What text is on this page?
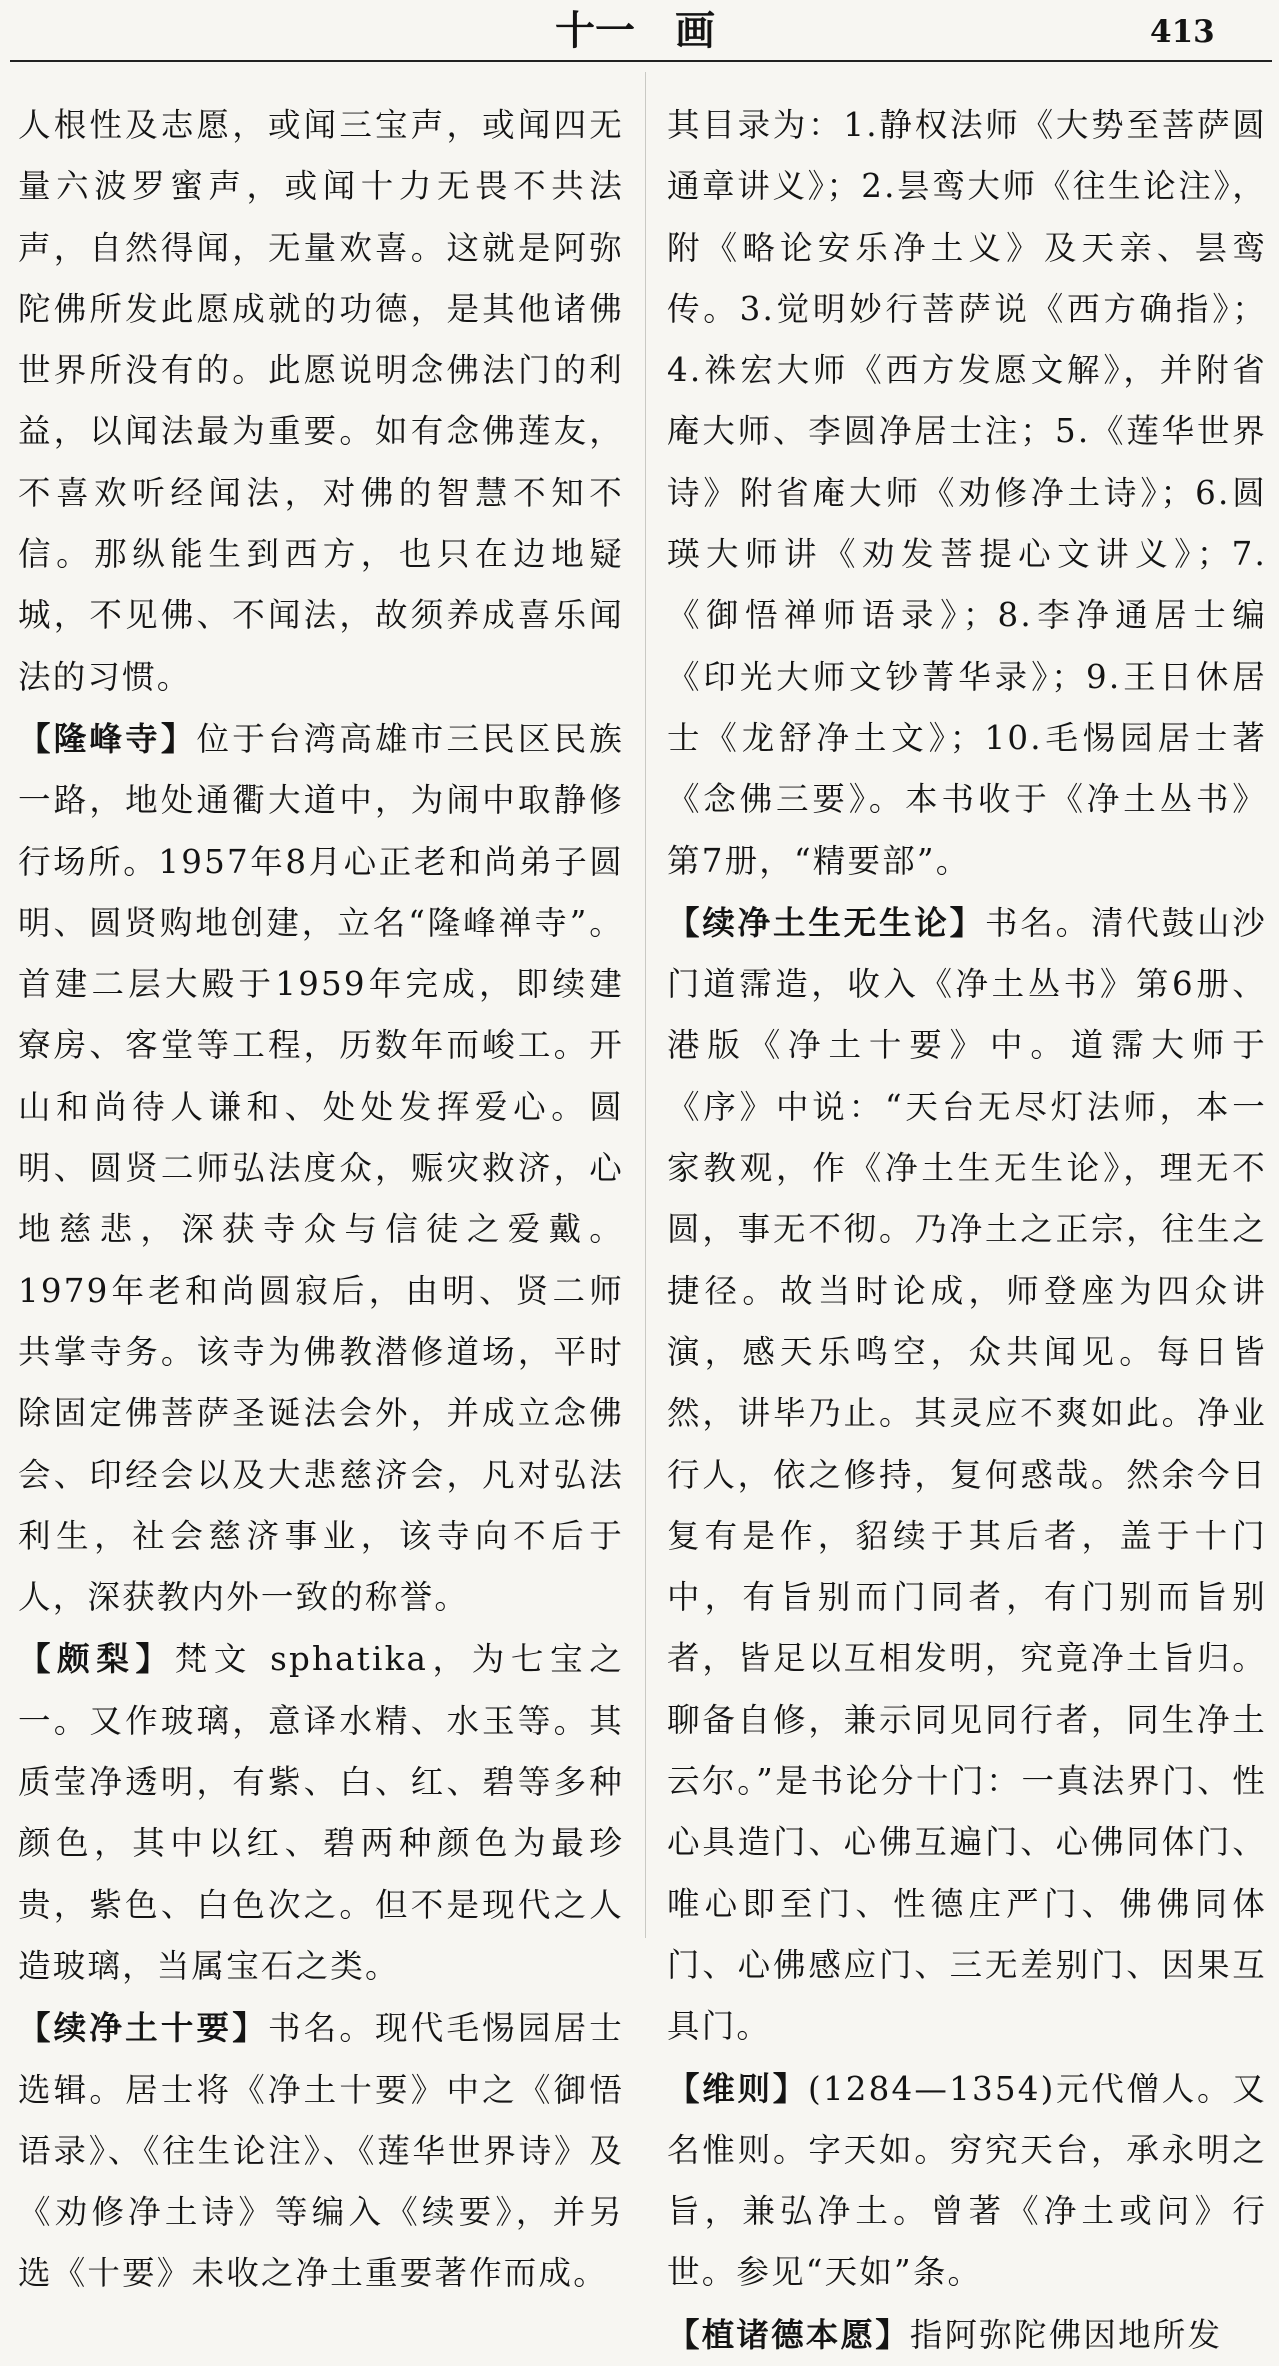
十一　画	413

人根性及志愿，或闻三宝声，或闻四无量六波罗蜜声，或闻十力无畏不共法声，自然得闻，无量欢喜。这就是阿弥陀佛所发此愿成就的功德，是其他诸佛世界所没有的。此愿说明念佛法门的利益，以闻法最为重要。如有念佛莲友，不喜欢听经闻法，对佛的智慧不知不信。那纵能生到西方，也只在边地疑城，不见佛、不闻法，故须养成喜乐闻法的习惯。

【隆峰寺】位于台湾高雄市三民区民族一路，地处通衢大道中，为闹中取静修行场所。1957年8月心正老和尚弟子圆明、圆贤购地创建，立名“隆峰禅寺”。首建二层大殿于1959年完成，即续建寮房、客堂等工程，历数年而峻工。开山和尚待人谦和、处处发挥爱心。圆明、圆贤二师弘法度众，赈灾救济，心地慈悲，深获寺众与信徒之爱戴。1979年老和尚圆寂后，由明、贤二师共掌寺务。该寺为佛教潜修道场，平时除固定佛菩萨圣诞法会外，并成立念佛会、印经会以及大悲慈济会，凡对弘法利生，社会慈济事业，该寺向不后于人，深获教内外一致的称誉。

【颇梨】梵文 sphatika，为七宝之一。又作玻璃，意译水精、水玉等。其质莹净透明，有紫、白、红、碧等多种颜色，其中以红、碧两种颜色为最珍贵，紫色、白色次之。但不是现代之人造玻璃，当属宝石之类。

【续净土十要】书名。现代毛惕园居士选辑。居士将《净土十要》中之《御悟语录》、《往生论注》、《莲华世界诗》及《劝修净土诗》等编入《续要》，并另选《十要》未收之净土重要著作而成。

其目录为：1.静权法师《大势至菩萨圆通章讲义》；2.昙鸾大师《往生论注》，附《略论安乐净土义》及天亲、昙鸾传。3.觉明妙行菩萨说《西方确指》；4.袾宏大师《西方发愿文解》，并附省庵大师、李圆净居士注；5.《莲华世界诗》附省庵大师《劝修净土诗》；6.圆瑛大师讲《劝发菩提心文讲义》；7.《御悟禅师语录》；8.李净通居士编《印光大师文钞菁华录》；9.王日休居士《龙舒净土文》；10.毛惕园居士著《念佛三要》。本书收于《净土丛书》第7册，“精要部”。

【续净土生无生论】书名。清代鼓山沙门道霈造，收入《净土丛书》第6册、港版《净土十要》中。道霈大师于《序》中说：“天台无尽灯法师，本一家教观，作《净土生无生论》，理无不圆，事无不彻。乃净土之正宗，往生之捷径。故当时论成，师登座为四众讲演，感天乐鸣空，众共闻见。每日皆然，讲毕乃止。其灵应不爽如此。净业行人，依之修持，复何惑哉。然余今日复有是作，貂续于其后者，盖于十门中，有旨别而门同者，有门别而旨别者，皆足以互相发明，究竟净土旨归。聊备自修，兼示同见同行者，同生净土云尔。”是书论分十门：一真法界门、性心具造门、心佛互遍门、心佛同体门、唯心即至门、性德庄严门、佛佛同体门、心佛感应门、三无差别门、因果互具门。

【维则】(1284—1354)元代僧人。又名惟则。字天如。穷究天台，承永明之旨，兼弘净土。曾著《净土或问》行世。参见“天如”条。

【植诸德本愿】指阿弥陀佛因地所发
